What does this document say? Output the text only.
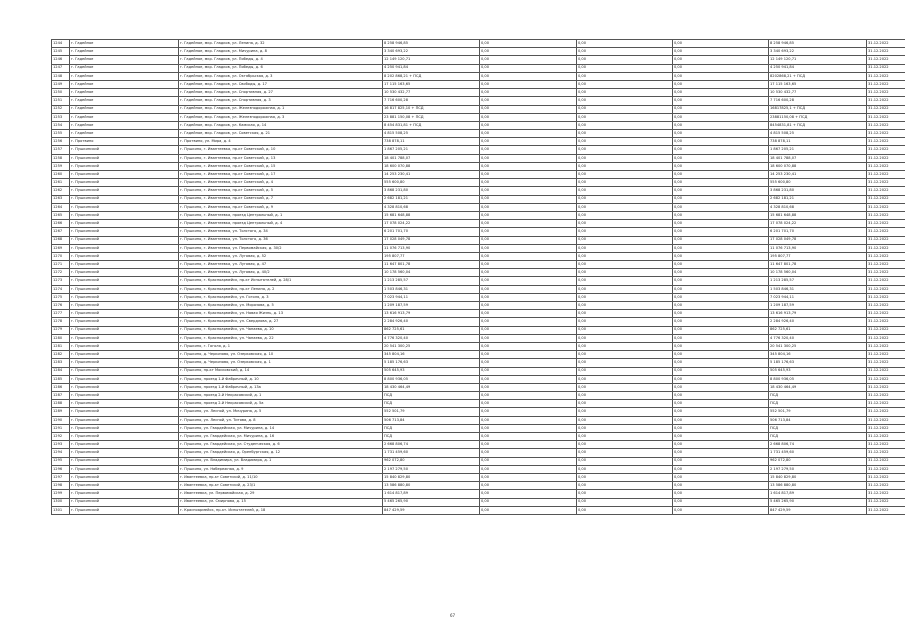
1244	г. Гадейное	г. Гадейное, мкр. Гладков, ул. Ленина, д. 32	8 258 946,85	0,00	0,00	0,00	8 258 946,85	31.12.2022
1245	г. Гадейное	г. Гадейное, мкр. Гладков, ул. Мичурина, д. 8	3 340 693,22	0,00	0,00	0,00	3 340 693,22	31.12.2022
1246	г. Гадейное	г. Гадейное, мкр. Гладков, ул. Победы, д. 4	12 149 120,71	0,00	0,00	0,00	12 149 120,71	31.12.2022
1247	г. Гадейное	г. Гадейное, мкр. Гладков, ул. Победы, д. 6	4 250 941,84	0,00	0,00	0,00	4 250 941,84	31.12.2022
1248	г. Гадейное	г. Гадейное, мкр. Гладков, ул. Октябрьская, д. 3	8 202 868,21 + ПСД	0,00	0,00	0,00	8202868,21 + ПСД	31.12.2022
1249	г. Гадейное	г. Гадейное, мкр. Гладков, ул. Свободы, д. 17	17 115 163,65	0,00	0,00	0,00	17 115 163,65	31.12.2022
1250	г. Гадейное	г. Гадейное, мкр. Гладков, ул. Спортивная, д. 27	10 530 432,77	0,00	0,00	0,00	10 530 432,77	31.12.2022
1251	г. Гадейное	г. Гадейное, мкр. Гладков, ул. Спортивная, д. 3	7 716 600,28	0,00	0,00	0,00	7 716 600,28	31.12.2022
1252	г. Гадейное	г. Гадейное, мкр. Гладков, ул. Железнодорожная, д. 1	16 817 825,10 + ПСД	0,00	0,00	0,00	16817825,1 + ПСД	31.12.2022
1253	г. Гадейное	г. Гадейное, мкр. Гладков, ул. Железнодорожная, д. 3	23 881 150,08 + ПСД	0,00	0,00	0,00	23881150,08 + ПСД	31.12.2022
1254	г. Гадейное	г. Гадейное, мкр. Гладков, ул. Камская, д. 14	8 454 831,81 + ПСД	0,00	0,00	0,00	8454831,81 + ПСД	31.12.2022
1255	г. Гадейное	г. Гадейное, мкр. Гладков, ул. Советская, д. 21	4 815 508,25	0,00	0,00	0,00	4 815 508,25	31.12.2022
1256	г. Протвино	г. Протвино, ул. Мира, д. 4	738 878,11	0,00	0,00	0,00	738 878,11	31.12.2022
1257	г. Пушкинский	г. Пушкино, г. Ивантеевка, пр-кт Советский, д. 10	1 867 205,21	0,00	0,00	0,00	1 867 205,21	31.12.2022
1258	г. Пушкинский	г. Пушкино, г. Ивантеевка, пр-кт Советский, д. 13	18 401 788,07	0,00	0,00	0,00	18 401 788,07	31.12.2022
1259	г. Пушкинский	г. Пушкино, г. Ивантеевка, пр-кт Советский, д. 15	18 600 070,88	0,00	0,00	0,00	18 600 070,88	31.12.2022
1260	г. Пушкинский	г. Пушкино, г. Ивантеевка, пр-кт Советский, д. 17	14 253 230,41	0,00	0,00	0,00	14 253 230,41	31.12.2022
1261	г. Пушкинский	г. Пушкино, г. Ивантеевка, пр-кт Советский, д. 4	555 600,80	0,00	0,00	0,00	555 600,80	31.12.2022
1262	г. Пушкинский	г. Пушкино, г. Ивантеевка, пр-кт Советский, д. 5	3 868 231,80	0,00	0,00	0,00	3 868 231,80	31.12.2022
1263	г. Пушкинский	г. Пушкино, г. Ивантеевка, пр-кт Советский, д. 7	2 682 181,21	0,00	0,00	0,00	2 682 181,21	31.12.2022
1264	г. Пушкинский	г. Пушкино, г. Ивантеевка, пр-кт Советский, д. 9	4 328 810,68	0,00	0,00	0,00	4 328 810,68	31.12.2022
1265	г. Пушкинский	г. Пушкино, г. Ивантеевка, проезд Центральный, д. 1	15 681 648,88	0,00	0,00	0,00	15 681 648,88	31.12.2022
1266	г. Пушкинский	г. Пушкино, г. Ивантеевка, проезд Центральный, д. 4	17 078 024,22	0,00	0,00	0,00	17 078 024,22	31.12.2022
1267	г. Пушкинский	г. Пушкино, г. Ивантеевка, ул. Толстого, д. 34	6 201 701,70	0,00	0,00	0,00	6 201 701,70	31.12.2022
1268	г. Пушкинский	г. Пушкино, г. Ивантеевка, ул. Толстого, д. 36	17 028 049,78	0,00	0,00	0,00	17 028 049,78	31.12.2022
1269	г. Пушкинский	г. Пушкино, г. Ивантеевка, ул. Первомайская, д. 30/2	11 076 713,90	0,00	0,00	0,00	11 076 713,90	31.12.2022
1270	г. Пушкинский	г. Пушкино, г. Ивантеевка, ул. Луговая, д. 52	195 807,77	0,00	0,00	0,00	195 807,77	31.12.2022
1271	г. Пушкинский	г. Пушкино, г. Ивантеевка, ул. Луговая, д. 47	11 647 801,78	0,00	0,00	0,00	11 647 801,78	31.12.2022
1272	г. Пушкинский	г. Пушкино, г. Ивантеевка, ул. Луговая, д. 40/2	10 178 560,04	0,00	0,00	0,00	10 178 560,04	31.12.2022
1273	г. Пушкинский	г. Пушкино, г. Красноармейск, пр-кт Испытателей, д. 28/1	1 213 285,57	0,00	0,00	0,00	1 213 285,57	31.12.2022
1274	г. Пушкинский	г. Пушкино, г. Красноармейск, пр-кт Ленина, д. 2	1 503 846,31	0,00	0,00	0,00	1 503 846,31	31.12.2022
1275	г. Пушкинский	г. Пушкино, г. Красноармейск, ул. Гоголя, д. 3	7 023 944,11	0,00	0,00	0,00	7 023 944,11	31.12.2022
1276	г. Пушкинский	г. Пушкино, г. Красноармейск, ул. Морозова, д. 5	1 209 187,59	0,00	0,00	0,00	1 209 187,59	31.12.2022
1277	г. Пушкинский	г. Пушкино, г. Красноармейск, ул. Новая Жизнь, д. 13	13 616 913,79	0,00	0,00	0,00	13 616 913,79	31.12.2022
1278	г. Пушкинский	г. Пушкино, г. Красноармейск, ул. Свердлова, д. 27	2 284 926,40	0,00	0,00	0,00	2 284 926,40	31.12.2022
1279	г. Пушкинский	г. Пушкино, г. Красноармейск, ул. Чапаева, д. 10	862 725,61	0,00	0,00	0,00	862 725,61	31.12.2022
1280	г. Пушкинский	г. Пушкино, г. Красноармейск, ул. Чапаева, д. 22	4 776 320,40	0,00	0,00	0,00	4 776 320,40	31.12.2022
1281	г. Пушкинский	г. Пушкино, г. Гоголя, д. 1	20 541 300,25	0,00	0,00	0,00	20 541 300,25	31.12.2022
1282	г. Пушкинский	г. Пушкино, д. Черкизово, ул. Озерковская, д. 10	345 804,16	0,00	0,00	0,00	345 804,16	31.12.2022
1283	г. Пушкинский	г. Пушкино, д. Черкизово, ул. Озерковская, д. 1	5 185 176,63	0,00	0,00	0,00	5 185 176,63	31.12.2022
1284	г. Пушкинский	г. Пушкино, пр-кт Московский, д. 14	505 645,93	0,00	0,00	0,00	505 645,93	31.12.2022
1285	г. Пушкинский	г. Пушкино, проезд 1-й Фабричный, д. 10	8 800 936,05	0,00	0,00	0,00	8 800 936,05	31.12.2022
1286	г. Пушкинский	г. Пушкино, проезд 1-й Фабричный, д. 13а	18 430 464,49	0,00	0,00	0,00	18 430 464,49	31.12.2022
1287	г. Пушкинский	г. Пушкино, проезд 2-й Некрасовский, д. 1	ПСД	0,00	0,00	0,00	ПСД	31.12.2022
1288	г. Пушкинский	г. Пушкино, проезд 2-й Некрасовский, д. 5а	ПСД	0,00	0,00	0,00	ПСД	31.12.2022
1289	г. Пушкинский	г. Пушкино, ул. Лесной, ул. Мичурина, д. 5	552 501,79	0,00	0,00	0,00	552 501,79	31.12.2022
1290	г. Пушкинский	г. Пушкино, ул. Лесной, ул. Титова, д. 8	506 713,84	0,00	0,00	0,00	506 713,84	31.12.2022
1291	г. Пушкинский	г. Пушкино, ул. Гвардейская, ул. Мичурина, д. 14	ПСД	0,00	0,00	0,00	ПСД	31.12.2022
1292	г. Пушкинский	г. Пушкино, ул. Гвардейская, ул. Мичурина, д. 16	ПСД	0,00	0,00	0,00	ПСД	31.12.2022
1293	г. Пушкинский	г. Пушкино, ул. Гвардейская, ул. Студенческая, д. 6	2 668 806,74	0,00	0,00	0,00	2 668 806,74	31.12.2022
1294	г. Пушкинский	г. Пушкино, ул. Гвардейская, д. Оренбургская, д. 12	1 731 459,60	0,00	0,00	0,00	1 731 459,60	31.12.2022
1295	г. Пушкинский	г. Пушкино, ул. Владимира, ул. Владимира, д. 1	962 072,80	0,00	0,00	0,00	962 072,80	31.12.2022
1296	г. Пушкинский	г. Пушкино, ул. Набережная, д. 9	2 197 279,50	0,00	0,00	0,00	2 197 279,50	31.12.2022
1297	г. Пушкинский	г. Ивантеевка, пр-кт Советский, д. 11/10	15 840 829,80	0,00	0,00	0,00	15 840 829,80	31.12.2022
1298	г. Пушкинский	г. Ивантеевка, пр-кт Советский, д. 23/1	13 586 880,80	0,00	0,00	0,00	13 586 880,80	31.12.2022
1299	г. Пушкинский	г. Ивантеевка, ул. Первомайская, д. 29	1 614 817,89	0,00	0,00	0,00	1 614 817,89	31.12.2022
1300	г. Пушкинский	г. Ивантеевка, ул. Смирнова, д. 15	5 465 265,90	0,00	0,00	0,00	5 465 265,90	31.12.2022
1301	г. Пушкинский	г. Красноармейск, пр-кт. Испытателей, д. 18	847 429,59	0,00	0,00	0,00	847 429,59	31.12.2022
67
